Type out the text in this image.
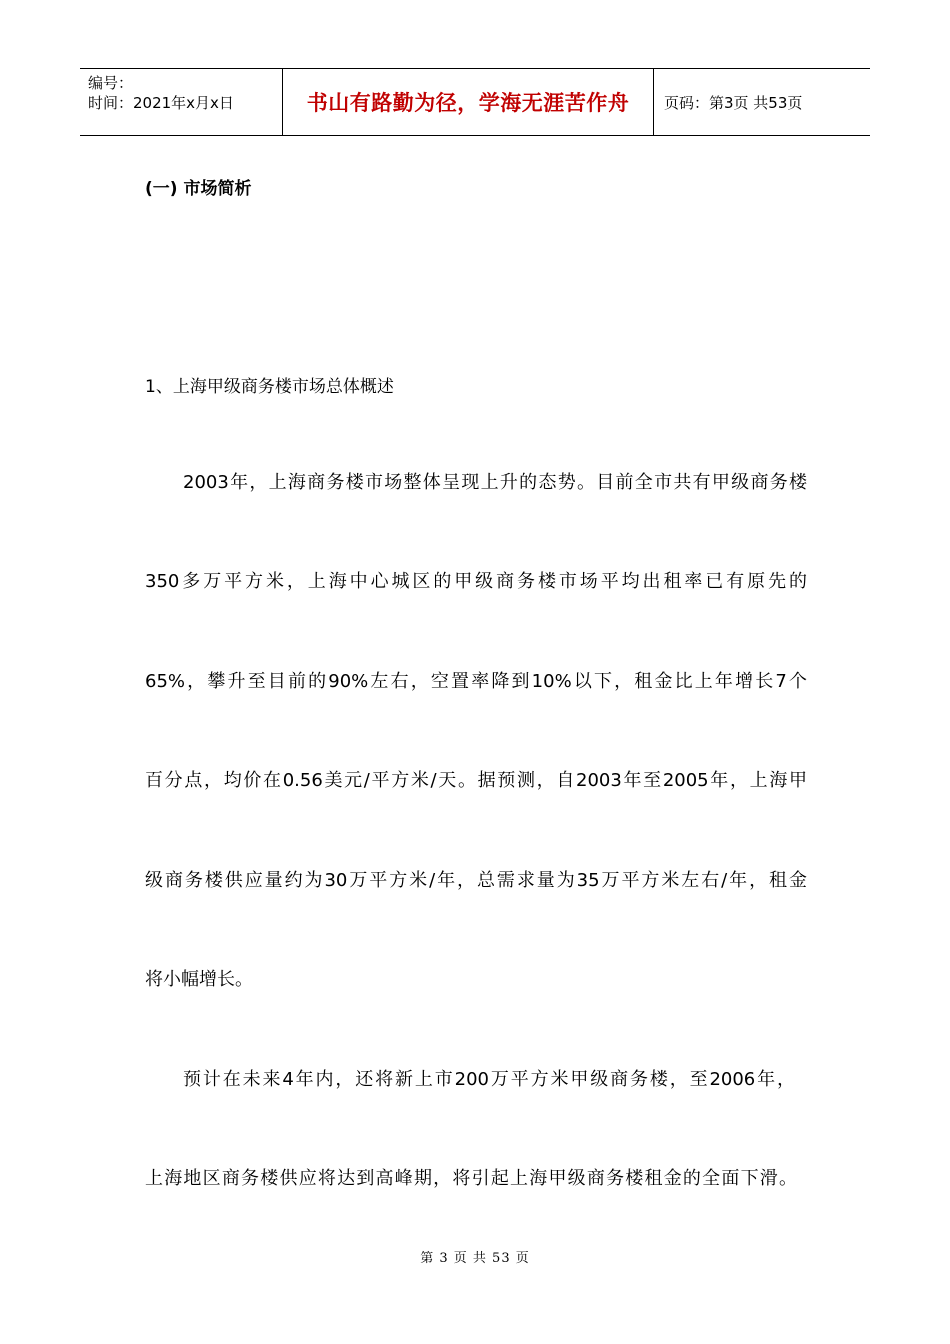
编号：
时间：2021年x月x日	书山有路勤为径，学海无涯苦作舟	页码：第3页 共53页
(一) 市场简析
1、上海甲级商务楼市场总体概述
2003年，上海商务楼市场整体呈现上升的态势。目前全市共有甲级商务楼
350多万平方米，上海中心城区的甲级商务楼市场平均出租率已有原先的
65%，攀升至目前的90%左右，空置率降到10%以下，租金比上年增长7个
百分点，均价在0.56美元/平方米/天。据预测，自2003年至2005年，上海甲
级商务楼供应量约为30万平方米/年，总需求量为35万平方米左右/年，租金
将小幅增长。
预计在未来4年内，还将新上市200万平方米甲级商务楼，至2006年，
上海地区商务楼供应将达到高峰期，将引起上海甲级商务楼租金的全面下滑。
第 3 页 共 53 页
